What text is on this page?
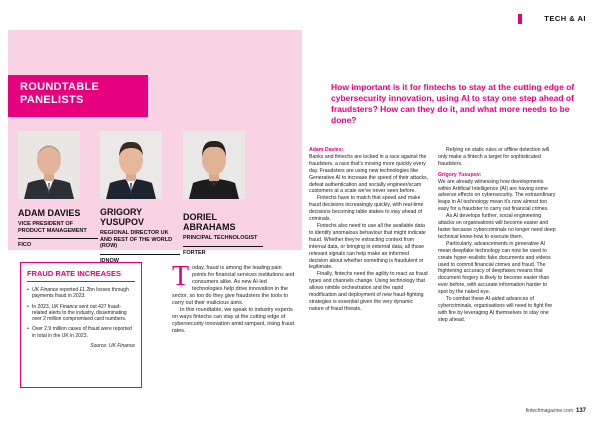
TECH & AI
ROUNDTABLE PANELISTS
ADAM DAVIES
VICE PRESIDENT OF PRODUCT MANAGEMENT
FICO
GRIGORY YUSUPOV
REGIONAL DIRECTOR UK AND REST OF THE WORLD (ROW)
IDNOW
DORIEL ABRAHAMS
PRINCIPAL TECHNOLOGIST
FORTER
FRAUD RATE INCREASES
• UK Finance reported £1.2bn losses through payments fraud in 2023.
• In 2023, UK Finance sent out 427 fraud-related alerts to the industry, disseminating over 2 million compromised card numbers.
• Over 2.9 million cases of fraud were reported in total in the UK in 2023.
Source: UK Finance
T oday, fraud is among the leading pain points for financial services institutions and consumers alike. As new AI-led technologies help drive innovation in the sector, so too do they give fraudsters the tools to carry out their malicious aims.

In this roundtable, we speak to industry experts on ways fintechs can stay at the cutting edge of cybersecurity innovation amid rampant, rising fraud rates.

How important is it for fintechs to stay at the cutting edge of cybersecurity innovation, using AI to stay one step ahead of fraudsters? How can they do it, and what more needs to be done?

Adam Davies:

Banks and fintechs are locked in a race against the fraudsters, a race that's moving more quickly every day. Fraudsters are using new technologies like Generative AI to increase the speed of their attacks, defeat authentication and socially engineer/scam customers at a scale we've never seen before.

Fintechs have to match that speed and make fraud decisions increasingly quickly, with real-time decisions becoming table stakes to stay ahead of criminals.

Fintechs also need to use all the available data to identify anomalous behaviour that might indicate fraud. Whether they're extracting context from internal data, or bringing in external data, all those relevant signals can help make an informed decision about whether something is fraudulent or legitimate.

Finally, fintechs need the agility to react as fraud types and channels change. Using technology that allows nimble orchestration and the rapid modification and deployment of new fraud-fighting strategies is essential given the very dynamic nature of fraud threats.

Relying on static rules or offline detection will only make a fintech a target for sophisticated fraudsters.

Grigory Yusupov:

We are already witnessing how developments within Artificial Intelligence (AI) are having some adverse effects on cybersecurity. The extraordinary leaps in AI technology mean it's now almost too easy for a fraudster to carry out financial crimes.

As AI develops further, social engineering attacks on organisations will become easier and faster because cybercriminals no longer need deep technical know-how to execute them.

Particularly, advancements in generative AI mean deepfake technology can now be used to create hyper-realistic fake documents and videos used to commit financial crimes and fraud. The frightening accuracy of deepfakes means that document forgery is likely to become easier than ever before, with accurate information harder to spot by the naked eye.

To combat these AI-aided advances of cybercriminals, organisations will need to fight fire with fire by leveraging AI themselves to stay one step ahead.

fintechmagazine.com 137
